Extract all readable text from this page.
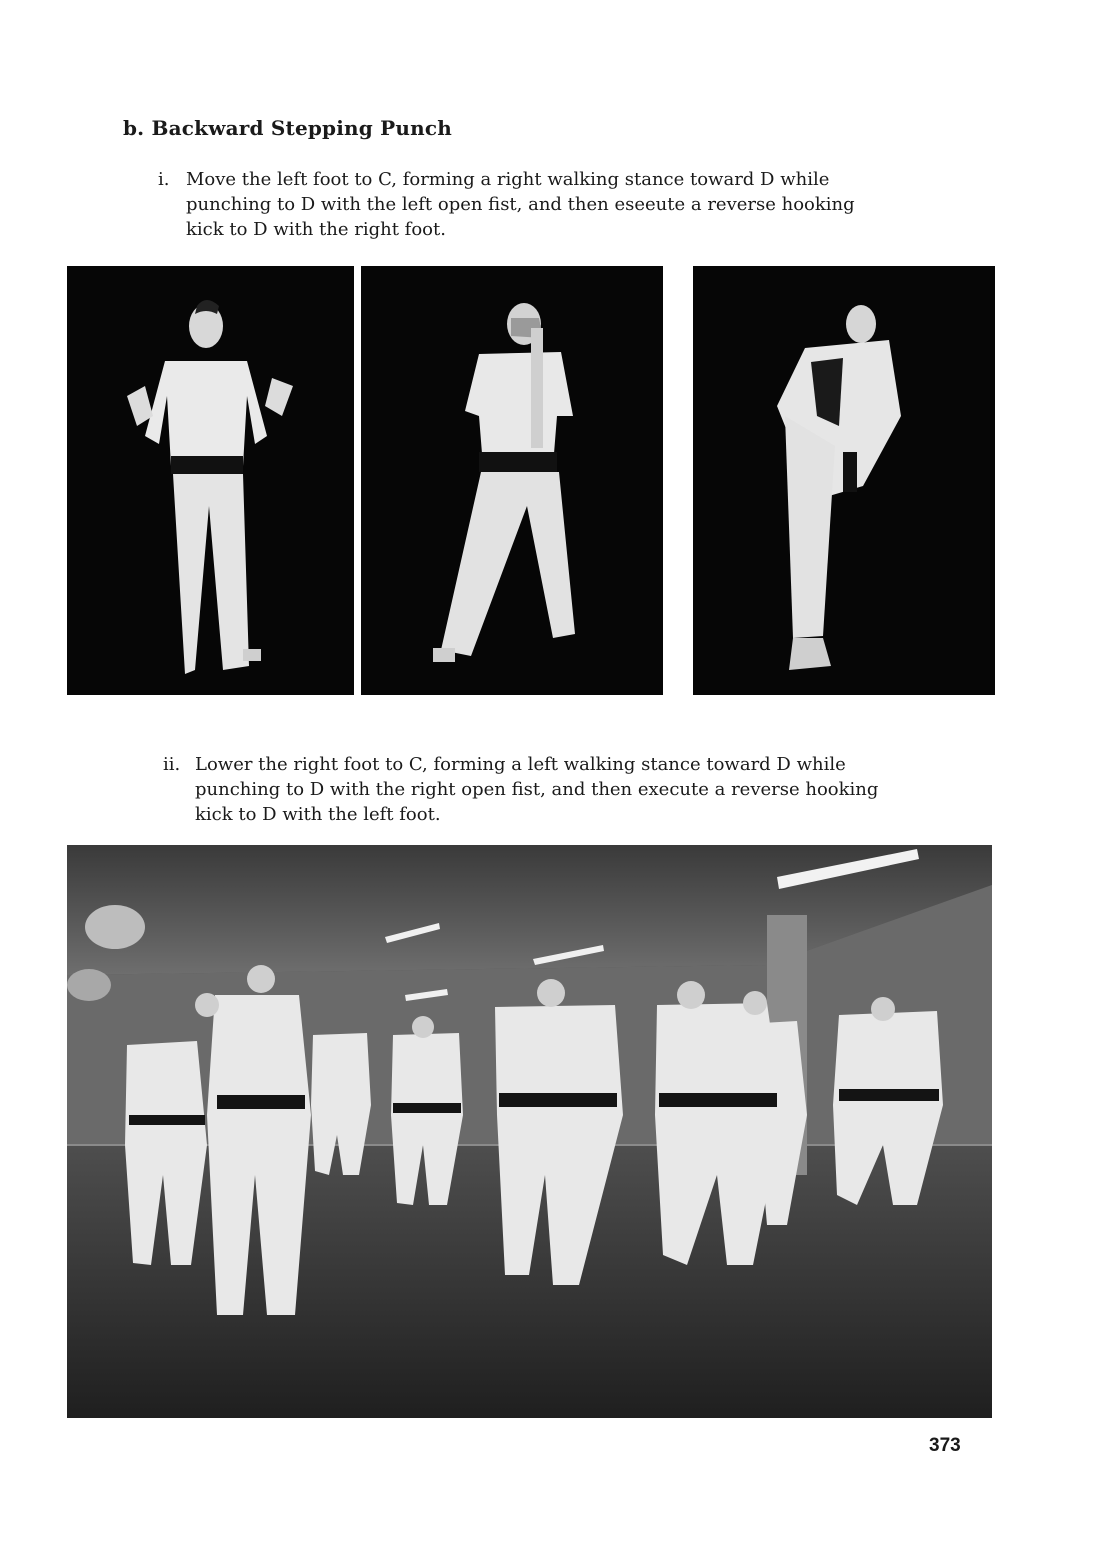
b. Backward Stepping Punch
i. Move the left foot to C, forming a right walking stance toward D while punching to D with the left open fist, and then eseeute a reverse hooking kick to D with the right foot.
ii. Lower the right foot to C, forming a left walking stance toward D while punching to D with the right open fist, and then execute a reverse hooking kick to D with the left foot.
373
